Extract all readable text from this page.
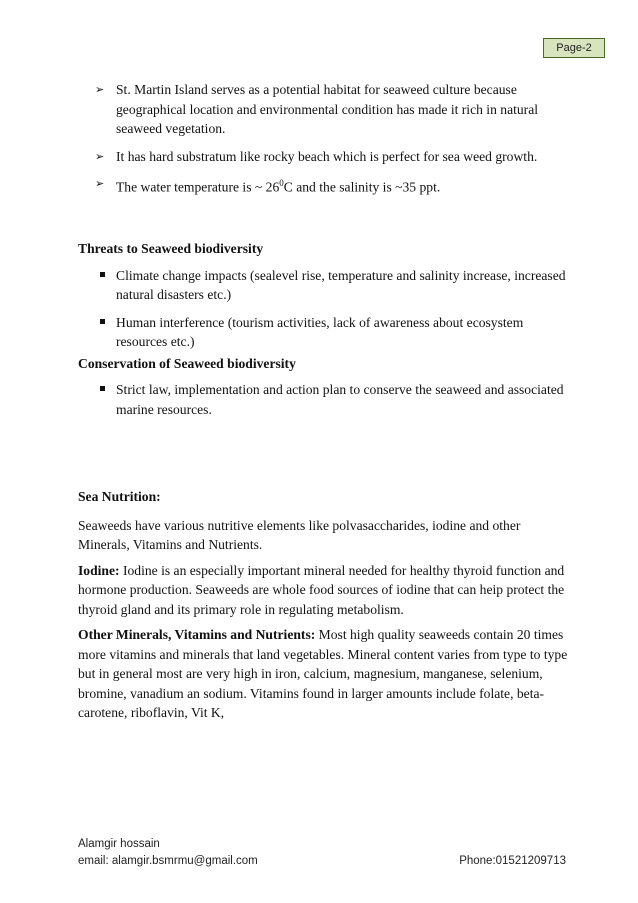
Page-2
➢ St. Martin Island serves as a potential habitat for seaweed culture because geographical location and environmental condition has made it rich in natural seaweed vegetation.
➢ It has hard substratum like rocky beach which is perfect for sea weed growth.
➢ The water temperature is ~ $26^0C$ and the salinity is ~35 ppt.

Threats to Seaweed biodiversity

Climate change impacts (sealevel rise, temperature and salinity increase, increased natural disasters etc.)
Human interference (tourism activities, lack of awareness about ecosystem resources etc.)

Conservation of Seaweed biodiversity

Strict law, implementation and action plan to conserve the seaweed and associated marine resources.

Sea Nutrition:

Seaweeds have various nutritive elements like polvasaccharides, iodine and other Minerals, Vitamins and Nutrients.

Iodine: Iodine is an especially important mineral needed for healthy thyroid function and hormone production. Seaweeds are whole food sources of iodine that can heip protect the thyroid gland and its primary role in regulating metabolism.

Other Minerals, Vitamins and Nutrients: Most high quality seaweeds contain 20 times more vitamins and minerals that land vegetables. Mineral content varies from type to type but in general most are very high in iron, calcium, magnesium, manganese, selenium, bromine, vanadium an sodium. Vitamins found in larger amounts include folate, beta-carotene, riboflavin, Vit K,

Alamgir hossain
email: alamgir.bsmrmu@gmail.com	Phone:01521209713
